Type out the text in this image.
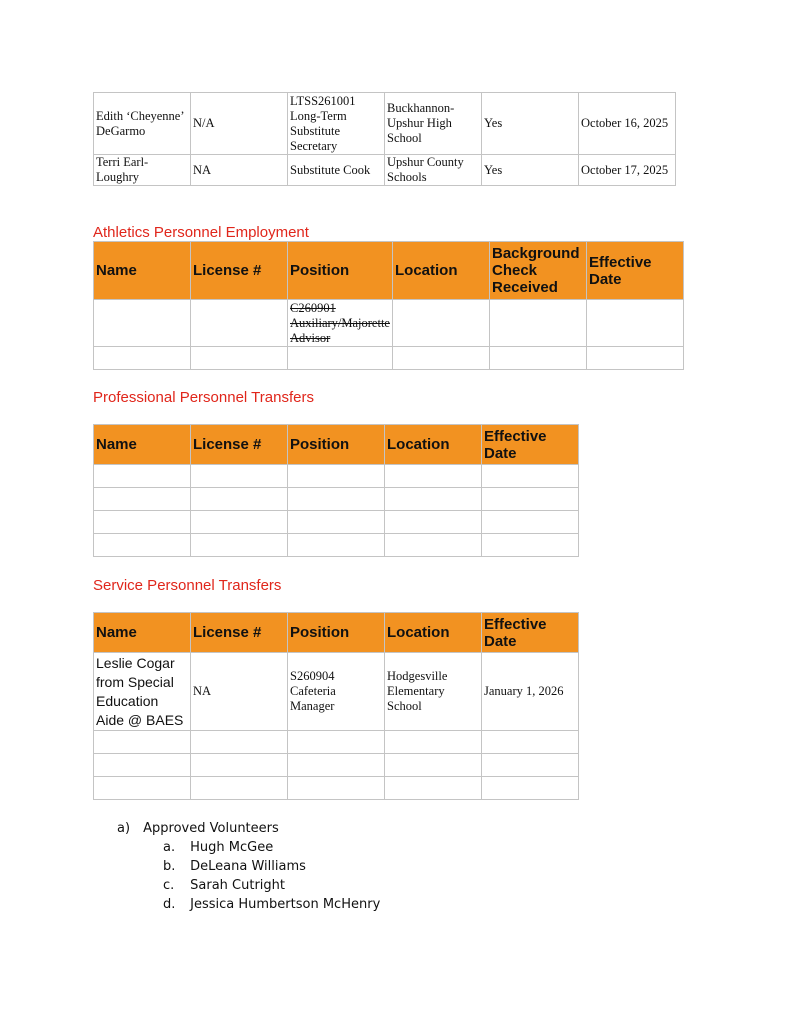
Edith ‘Cheyenne’ DeGarmo	N/A	LTSS261001 Long-Term Substitute Secretary	Buckhannon-Upshur High School	Yes	October 16, 2025
Terri Earl-Loughry	NA	Substitute Cook	Upshur County Schools	Yes	October 17, 2025
Athletics Personnel Employment
Name	License #	Position	Location	Background Check Received	Effective Date
		C260901 Auxiliary/Majorette Advisor			

Professional Personnel Transfers
Name	License #	Position	Location	Effective Date

Service Personnel Transfers
Name	License #	Position	Location	Effective Date
Leslie Cogar from Special Education Aide @ BAES	NA	S260904 Cafeteria Manager	Hodgesville Elementary School	January 1, 2026

a) Approved Volunteers
a. Hugh McGee
b. DeLeana Williams
c. Sarah Cutright
d. Jessica Humbertson McHenry
